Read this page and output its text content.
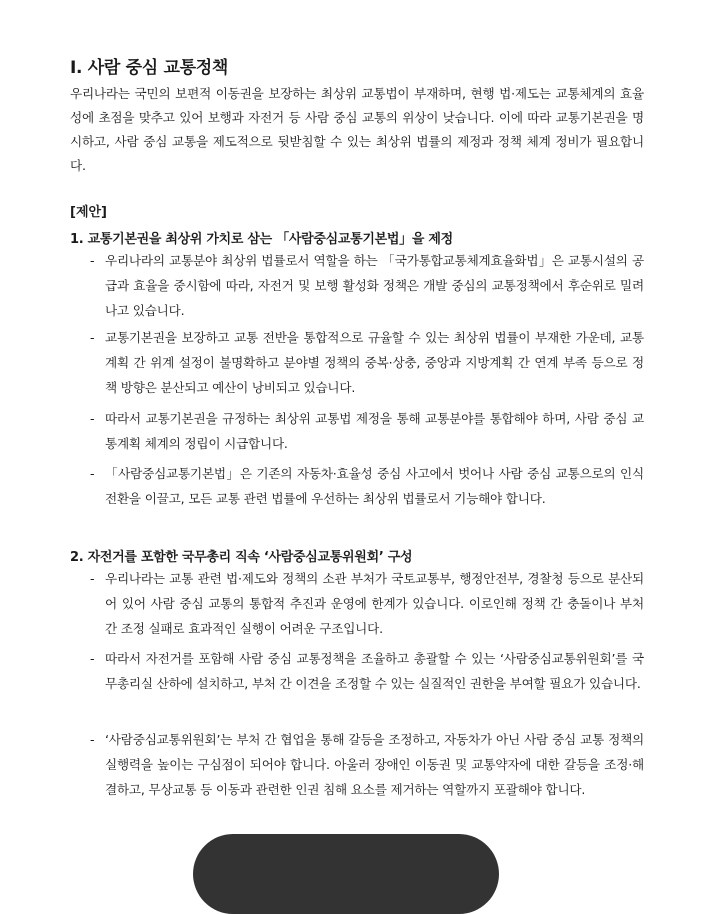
I. 사람 중심 교통정책
우리나라는 국민의 보편적 이동권을 보장하는 최상위 교통법이 부재하며, 현행 법·제도는 교통체계의 효율성에 초점을 맞추고 있어 보행과 자전거 등 사람 중심 교통의 위상이 낮습니다. 이에 따라 교통기본권을 명시하고, 사람 중심 교통을 제도적으로 뒷받침할 수 있는 최상위 법률의 제정과 정책 체계 정비가 필요합니다.
[제안]
1. 교통기본권을 최상위 가치로 삼는 「사람중심교통기본법」을 제정
- 우리나라의 교통분야 최상위 법률로서 역할을 하는 「국가통합교통체계효율화법」은 교통시설의 공급과 효율을 중시함에 따라, 자전거 및 보행 활성화 정책은 개발 중심의 교통정책에서 후순위로 밀려나고 있습니다.
- 교통기본권을 보장하고 교통 전반을 통합적으로 규율할 수 있는 최상위 법률이 부재한 가운데, 교통계획 간 위계 설정이 불명확하고 분야별 정책의 중복·상충, 중앙과 지방계획 간 연계 부족 등으로 정책 방향은 분산되고 예산이 낭비되고 있습니다.
- 따라서 교통기본권을 규정하는 최상위 교통법 제정을 통해 교통분야를 통합해야 하며, 사람 중심 교통계획 체계의 정립이 시급합니다.
- 「사람중심교통기본법」은 기존의 자동차·효율성 중심 사고에서 벗어나 사람 중심 교통으로의 인식 전환을 이끌고, 모든 교통 관련 법률에 우선하는 최상위 법률로서 기능해야 합니다.
2. 자전거를 포함한 국무총리 직속 ‘사람중심교통위원회’ 구성
- 우리나라는 교통 관련 법·제도와 정책의 소관 부처가 국토교통부, 행정안전부, 경찰청 등으로 분산되어 있어 사람 중심 교통의 통합적 추진과 운영에 한계가 있습니다. 이로인해 정책 간 충돌이나 부처 간 조정 실패로 효과적인 실행이 어려운 구조입니다.
- 따라서 자전거를 포함해 사람 중심 교통정책을 조율하고 총괄할 수 있는 ‘사람중심교통위원회’를 국무총리실 산하에 설치하고, 부처 간 이견을 조정할 수 있는 실질적인 권한을 부여할 필요가 있습니다.
- ‘사람중심교통위원회’는 부처 간 협업을 통해 갈등을 조정하고, 자동차가 아닌 사람 중심 교통 정책의 실행력을 높이는 구심점이 되어야 합니다. 아울러 장애인 이동권 및 교통약자에 대한 갈등을 조정·해결하고, 무상교통 등 이동과 관련한 인권 침해 요소를 제거하는 역할까지 포괄해야 합니다.
